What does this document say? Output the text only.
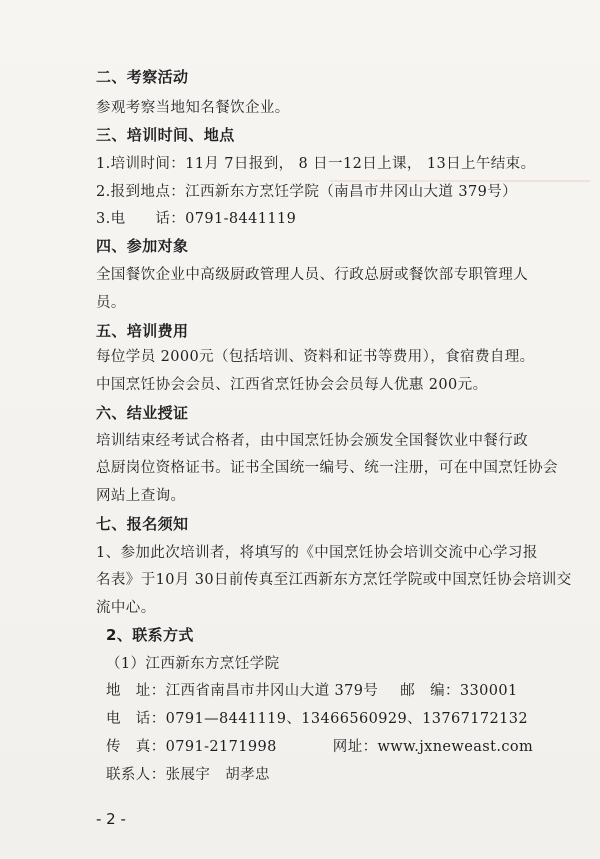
二、考察活动
参观考察当地知名餐饮企业。
三、培训时间、地点
1.培训时间：11月 7日报到， 8 日一12日上课， 13日上午结束。
2.报到地点：江西新东方烹饪学院（南昌市井冈山大道 379号）
3.电　　话：0791-8441119
四、参加对象
全国餐饮企业中高级厨政管理人员、行政总厨或餐饮部专职管理人
员。
五、培训费用
每位学员 2000元（包括培训、资料和证书等费用），食宿费自理。
中国烹饪协会会员、江西省烹饪协会会员每人优惠 200元。
六、结业授证
培训结束经考试合格者，由中国烹饪协会颁发全国餐饮业中餐行政
总厨岗位资格证书。证书全国统一编号、统一注册，可在中国烹饪协会
网站上查询。
七、报名须知
1、参加此次培训者，将填写的《中国烹饪协会培训交流中心学习报
名表》于10月 30日前传真至江西新东方烹饪学院或中国烹饪协会培训交
流中心。
2、联系方式
（1）江西新东方烹饪学院
地　址：江西省南昌市井冈山大道 379号 邮　编：330001
电　话：0791—8441119、13466560929、13767172132
传　真：0791-2171998	网址：www.jxneweast.com
联系人：张展宇　胡孝忠
- 2 -
